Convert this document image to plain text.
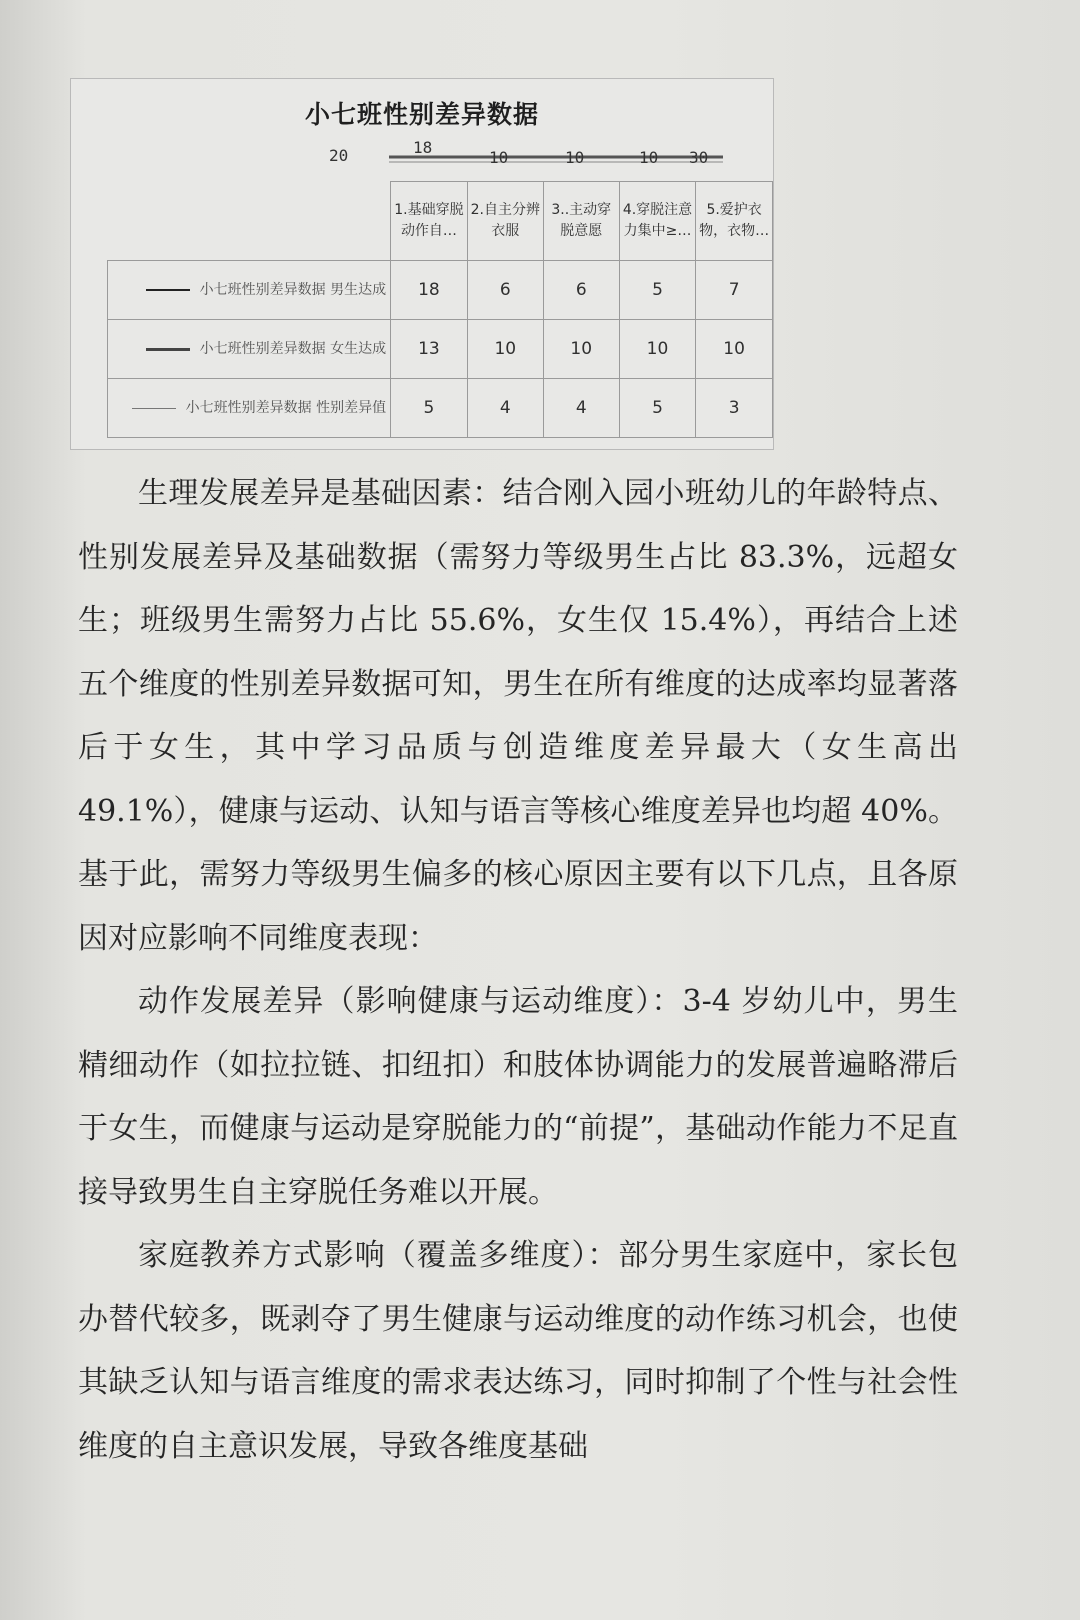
小七班性别差异数据
20	18
10	10	10 30
	1.基础穿脱动作自…	2.自主分辨衣服	3..主动穿脱意愿	4.穿脱注意力集中≥…	5.爱护衣物，衣物…
小七班性别差异数据 男生达成	18	6	6	5	7
小七班性别差异数据 女生达成	13	10	10	10	10
小七班性别差异数据 性别差异值	5	4	4	5	3

生理发展差异是基础因素：结合刚入园小班幼儿的年龄特点、性别发展差异及基础数据（需努力等级男生占比 83.3%，远超女生；班级男生需努力占比 55.6%，女生仅 15.4%），再结合上述五个维度的性别差异数据可知，男生在所有维度的达成率均显著落后于女生，其中学习品质与创造维度差异最大（女生高出 49.1%），健康与运动、认知与语言等核心维度差异也均超 40%。基于此，需努力等级男生偏多的核心原因主要有以下几点，且各原因对应影响不同维度表现：

动作发展差异（影响健康与运动维度）：3-4 岁幼儿中，男生精细动作（如拉拉链、扣纽扣）和肢体协调能力的发展普遍略滞后于女生，而健康与运动是穿脱能力的“前提”，基础动作能力不足直接导致男生自主穿脱任务难以开展。

家庭教养方式影响（覆盖多维度）：部分男生家庭中，家长包办替代较多，既剥夺了男生健康与运动维度的动作练习机会，也使其缺乏认知与语言维度的需求表达练习，同时抑制了个性与社会性维度的自主意识发展，导致各维度基础
